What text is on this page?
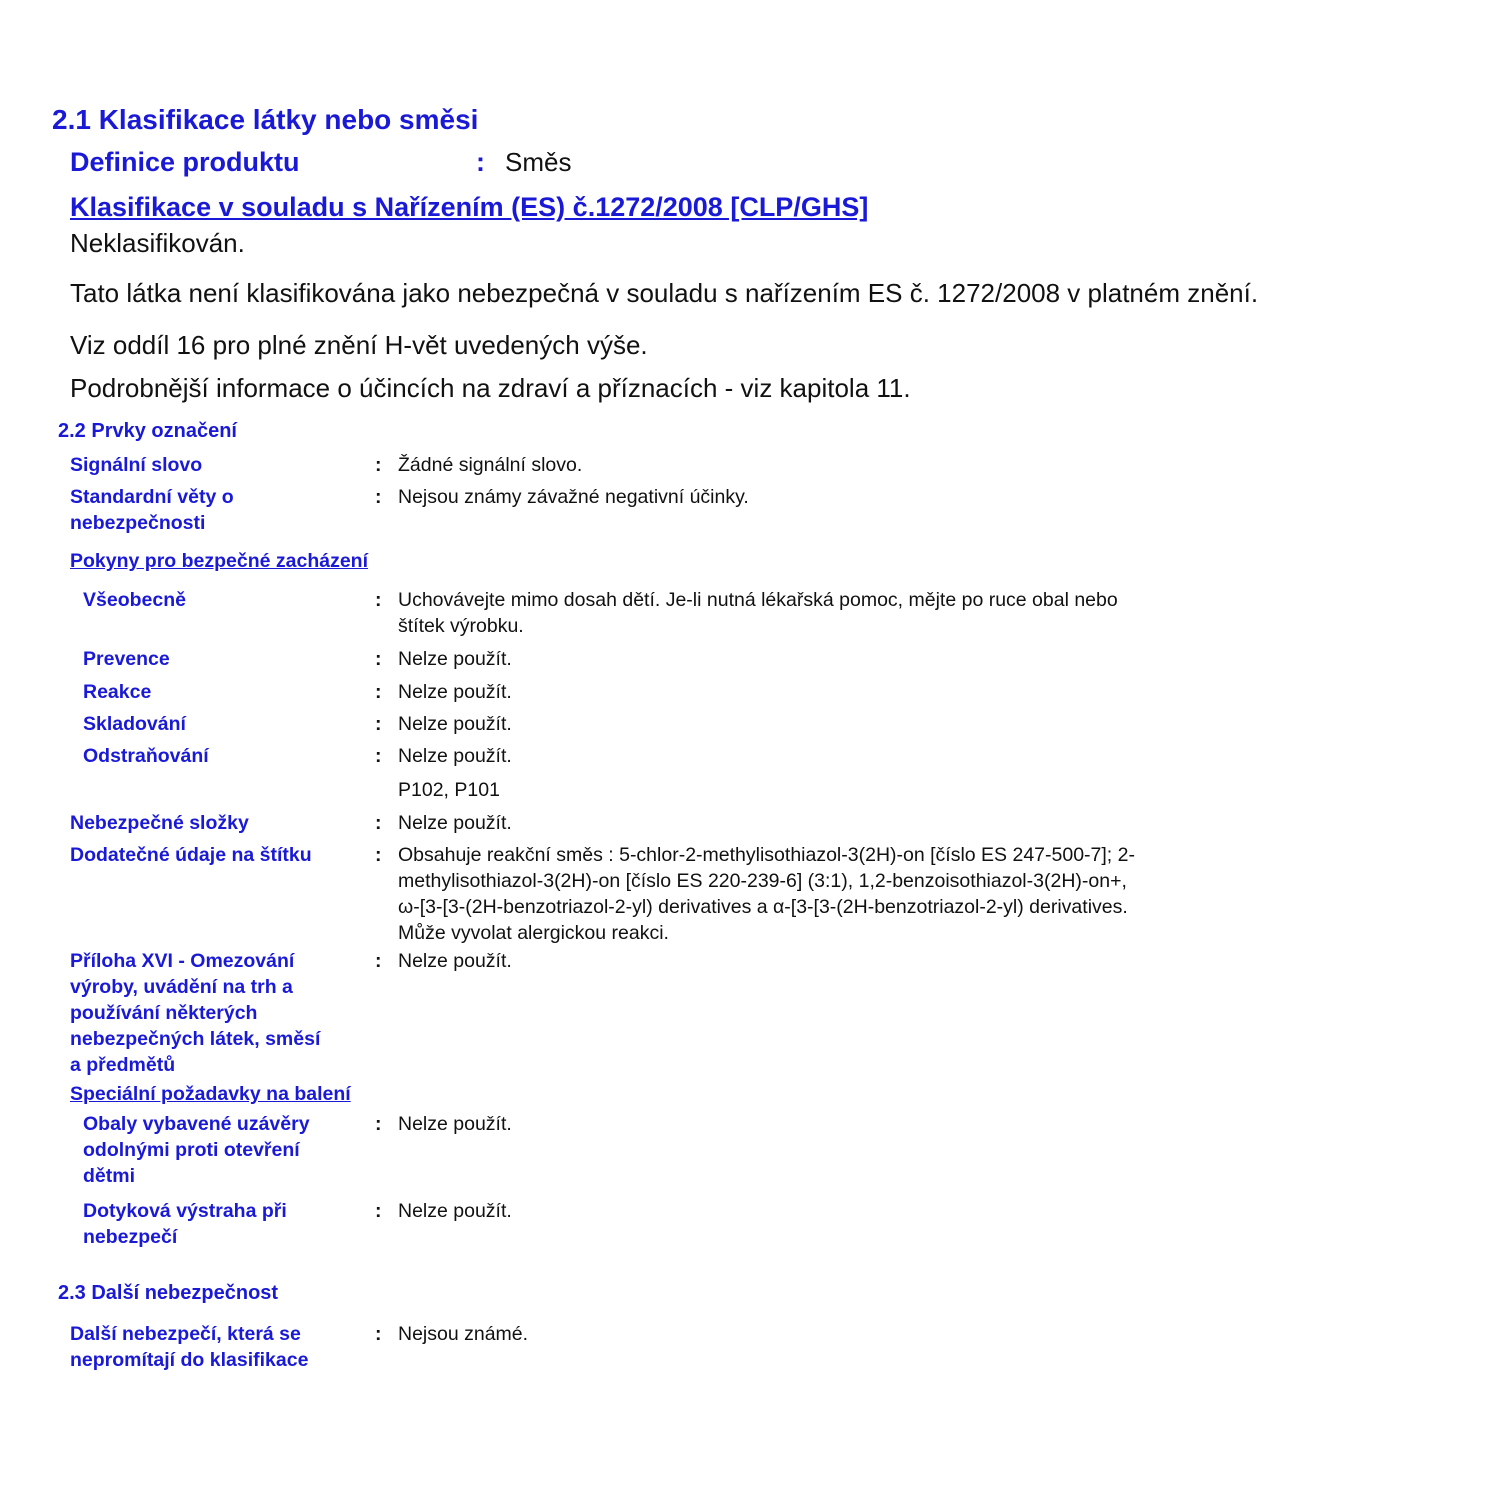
2.1 Klasifikace látky nebo směsi
Definice produktu	: Směs
Klasifikace v souladu s Nařízením (ES) č.1272/2008 [CLP/GHS]
Neklasifikován.
Tato látka není klasifikována jako nebezpečná v souladu s nařízením ES č. 1272/2008 v platném znění.
Viz oddíl 16 pro plné znění H-vět uvedených výše.
Podrobnější informace o účincích na zdraví a příznacích - viz kapitola 11.
2.2 Prvky označení
Signální slovo	: Žádné signální slovo.
Standardní věty o
nebezpečnosti
: Nejsou známy závažné negativní účinky.
Pokyny pro bezpečné zacházení
Všeobecně	: Uchovávejte mimo dosah dětí. Je-li nutná lékařská pomoc, mějte po ruce obal nebo
štítek výrobku.
Prevence	: Nelze použít.
Reakce	: Nelze použít.
Skladování	: Nelze použít.
Odstraňování	: Nelze použít.
P102, P101
Nebezpečné složky	: Nelze použít.
Dodatečné údaje na štítku	: Obsahuje reakční směs : 5-chlor-2-methylisothiazol-3(2H)-on [číslo ES 247-500-7]; 2-
methylisothiazol-3(2H)-on [číslo ES 220-239-6] (3:1), 1,2-benzoisothiazol-3(2H)-on+,
ω-[3-[3-(2H-benzotriazol-2-yl) derivatives a α-[3-[3-(2H-benzotriazol-2-yl) derivatives.
Může vyvolat alergickou reakci.
Příloha XVI - Omezování
výroby, uvádění na trh a
používání některých
nebezpečných látek, směsí
a předmětů
: Nelze použít.
Speciální požadavky na balení
Obaly vybavené uzávěry
odolnými proti otevření
dětmi
: Nelze použít.
Dotyková výstraha při
nebezpečí
: Nelze použít.
2.3 Další nebezpečnost
Další nebezpečí, která se
nepromítají do klasifikace
: Nejsou známé.
